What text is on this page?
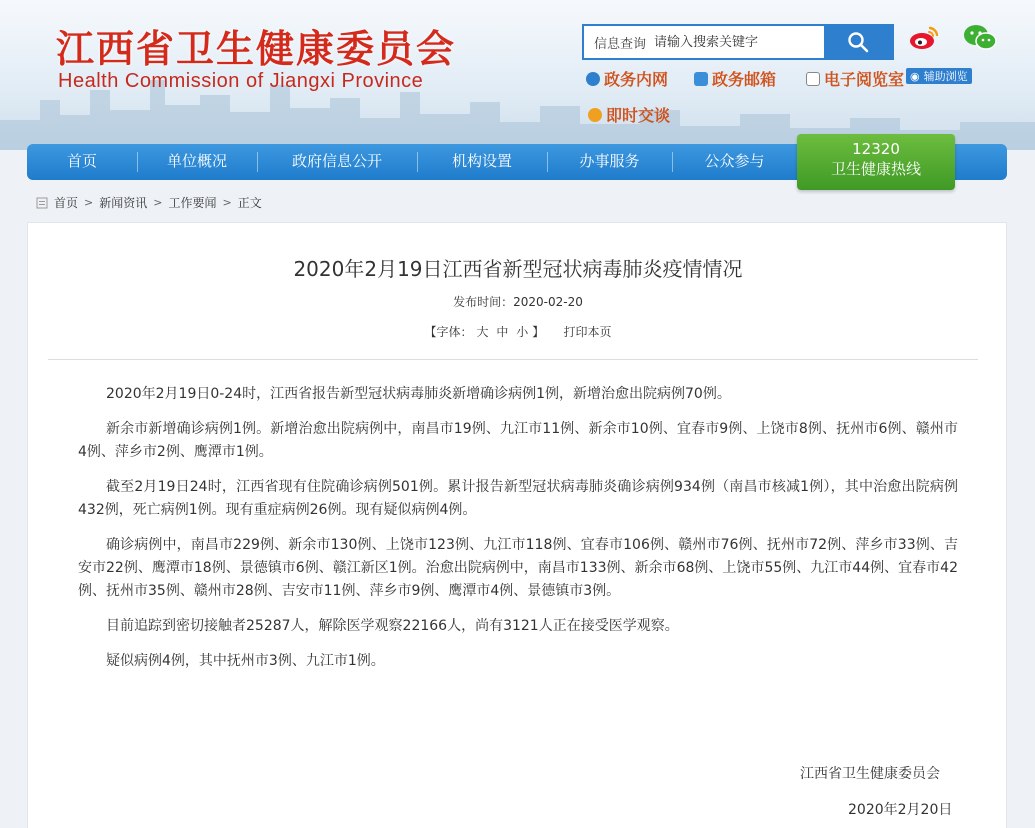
江西省卫生健康委员会
Health Commission of Jiangxi Province
信息查询
请输入搜索关键字
政务内网	政务邮箱	电子阅览室 ◉ 辅助浏览
即时交谈
首页	单位概况	政府信息公开	机构设置	办事服务	公众参与
12320
卫生健康热线
首页 > 新闻资讯 > 工作要闻 > 正文
2020年2月19日江西省新型冠状病毒肺炎疫情情况
发布时间：2020-02-20
【字体： 大 中 小 】 打印本页

2020年2月19日0-24时，江西省报告新型冠状病毒肺炎新增确诊病例1例，新增治愈出院病例70例。

新余市新增确诊病例1例。新增治愈出院病例中，南昌市19例、九江市11例、新余市10例、宜春市9例、上饶市8例、抚州市6例、赣州市4例、萍乡市2例、鹰潭市1例。

截至2月19日24时，江西省现有住院确诊病例501例。累计报告新型冠状病毒肺炎确诊病例934例（南昌市核减1例），其中治愈出院病例432例，死亡病例1例。现有重症病例26例。现有疑似病例4例。

确诊病例中，南昌市229例、新余市130例、上饶市123例、九江市118例、宜春市106例、赣州市76例、抚州市72例、萍乡市33例、吉安市22例、鹰潭市18例、景德镇市6例、赣江新区1例。治愈出院病例中，南昌市133例、新余市68例、上饶市55例、九江市44例、宜春市42例、抚州市35例、赣州市28例、吉安市11例、萍乡市9例、鹰潭市4例、景德镇市3例。

目前追踪到密切接触者25287人，解除医学观察22166人，尚有3121人正在接受医学观察。

疑似病例4例，其中抚州市3例、九江市1例。

江西省卫生健康委员会
2020年2月20日
